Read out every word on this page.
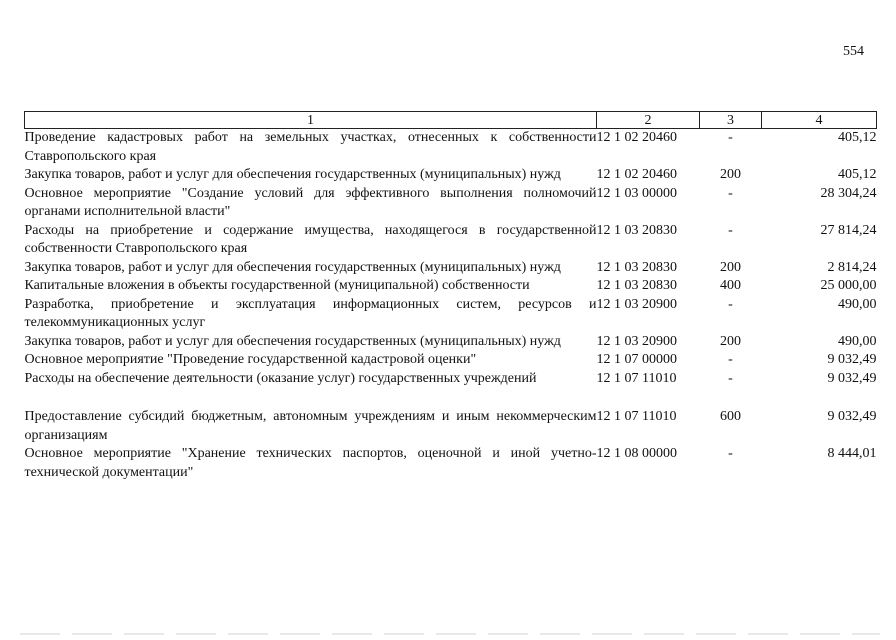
554
1	2	3	4
Проведение кадастровых работ на земельных участках, отнесенных к собственности Ставропольского края	12 1 02 20460	-	405,12
Закупка товаров, работ и услуг для обеспечения государственных (муниципальных) нужд	12 1 02 20460	200	405,12
Основное мероприятие "Создание условий для эффективного выполнения полномочий органами исполнительной власти"	12 1 03 00000	-	28 304,24
Расходы на приобретение и содержание имущества, находящегося в государственной собственности Ставропольского края	12 1 03 20830	-	27 814,24
Закупка товаров, работ и услуг для обеспечения государственных (муниципальных) нужд	12 1 03 20830	200	2 814,24
Капитальные вложения в объекты государственной (муниципальной) собственности	12 1 03 20830	400	25 000,00
Разработка, приобретение и эксплуатация информационных систем, ресурсов и телекоммуникационных услуг	12 1 03 20900	-	490,00
Закупка товаров, работ и услуг для обеспечения государственных (муниципальных) нужд	12 1 03 20900	200	490,00
Основное мероприятие "Проведение государственной кадастровой оценки"	12 1 07 00000	-	9 032,49
Расходы на обеспечение деятельности (оказание услуг) государственных учреждений	12 1 07 11010	-	9 032,49
Предоставление субсидий бюджетным, автономным учреждениям и иным некоммерческим организациям	12 1 07 11010	600	9 032,49
Основное мероприятие "Хранение технических паспортов, оценочной и иной учетно-технической документации"	12 1 08 00000	-	8 444,01
